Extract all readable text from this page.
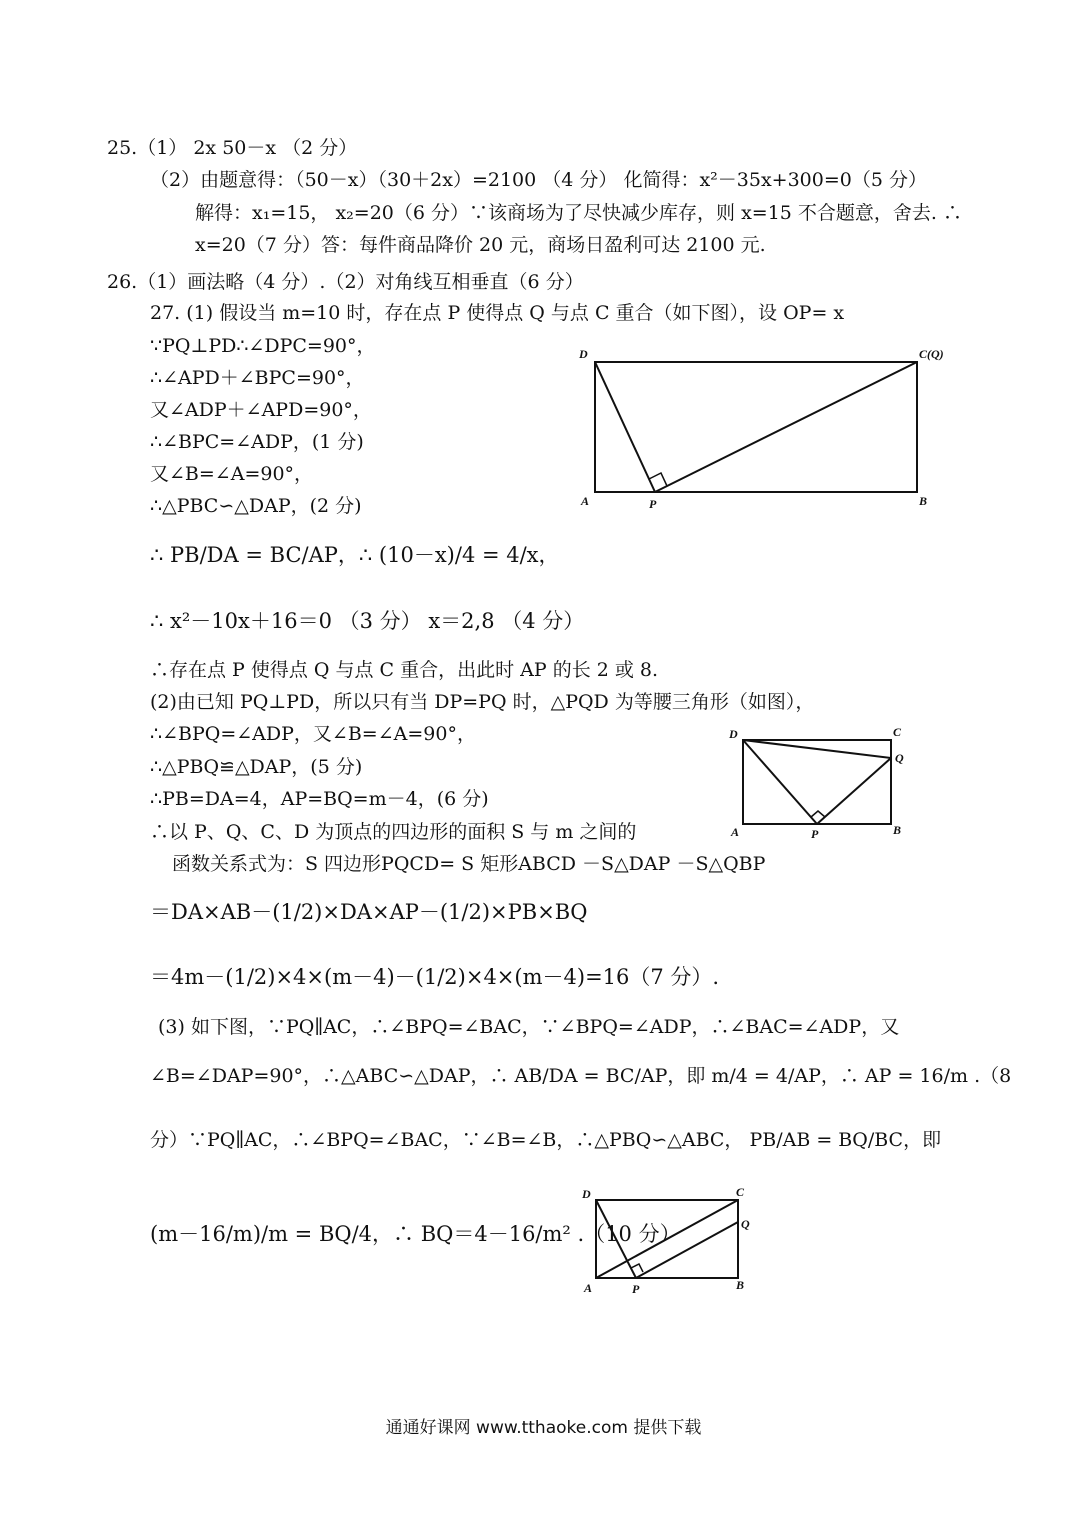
25.（1） 2x 50－x （2 分）
（2）由题意得：（50－x）（30＋2x）=2100 （4 分） 化简得：x²－35x+300=0（5 分）
解得：x₁=15， x₂=20（6 分）∵该商场为了尽快减少库存，则 x=15 不合题意，舍去. ∴
x=20（7 分）答：每件商品降价 20 元，商场日盈利可达 2100 元.
26.（1）画法略（4 分）.（2）对角线互相垂直（6 分）
27. (1) 假设当 m=10 时，存在点 P 使得点 Q 与点 C 重合（如下图），设 OP= x
∵PQ⊥PD∴∠DPC=90°，
∴∠APD＋∠BPC=90°，
又∠ADP＋∠APD=90°，
∴∠BPC=∠ADP，(1 分)
又∠B=∠A=90°，
∴△PBC∽△DAP，(2 分)
∴ PB/DA = BC/AP，∴ (10－x)/4 = 4/x，
∴ x²－10x＋16＝0 （3 分） x＝2,8 （4 分）
∴存在点 P 使得点 Q 与点 C 重合，出此时 AP 的长 2 或 8.
(2)由已知 PQ⊥PD，所以只有当 DP=PQ 时，△PQD 为等腰三角形（如图），
∴∠BPQ=∠ADP，又∠B=∠A=90°，
∴△PBQ≌△DAP，(5 分)
∴PB=DA=4，AP=BQ=m－4，(6 分)
∴以 P、Q、C、D 为顶点的四边形的面积 S 与 m 之间的
函数关系式为：S 四边形PQCD= S 矩形ABCD －S△DAP －S△QBP
＝DA×AB－(1/2)×DA×AP－(1/2)×PB×BQ
＝4m－(1/2)×4×(m－4)－(1/2)×4×(m－4)=16（7 分）.
(3) 如下图，∵PQ∥AC，∴∠BPQ=∠BAC，∵∠BPQ=∠ADP，∴∠BAC=∠ADP，又
∠B=∠DAP=90°，∴△ABC∽△DAP，∴ AB/DA = BC/AP，即 m/4 = 4/AP，∴ AP = 16/m .（8
分）∵PQ∥AC，∴∠BPQ=∠BAC，∵∠B=∠B，∴△PBQ∽△ABC， PB/AB = BQ/BC，即
(m－16/m)/m = BQ/4，∴ BQ＝4－16/m² .（10 分）
D	C(Q)
A	P	B
D	C
Q
A	P	B
D	C
Q
A	P	B
通通好课网 www.tthaoke.com 提供下载
